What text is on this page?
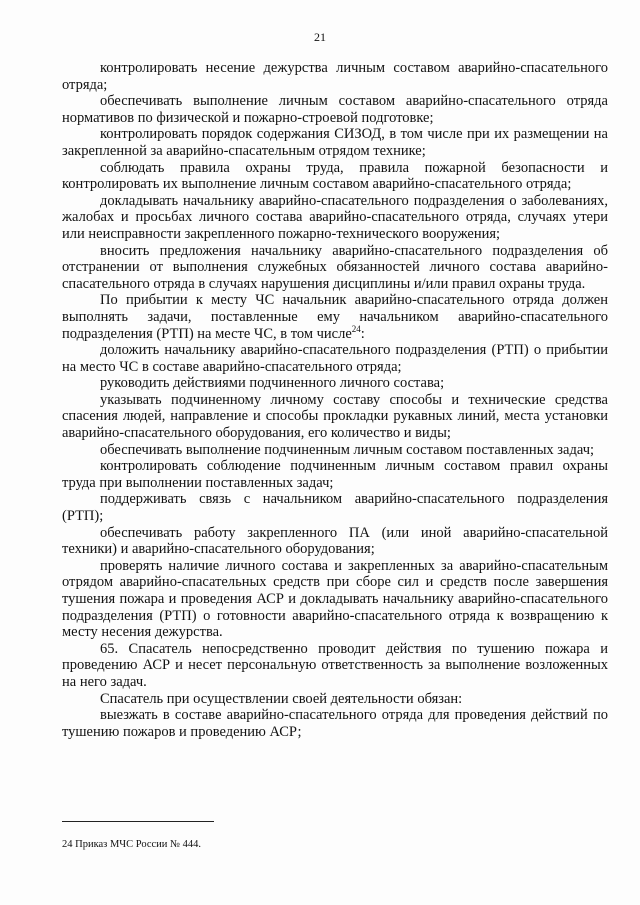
21

контролировать несение дежурства личным составом аварийно-спасательного отряда;

обеспечивать выполнение личным составом аварийно-спасательного отряда нормативов по физической и пожарно-строевой подготовке;

контролировать порядок содержания СИЗОД, в том числе при их размещении на закрепленной за аварийно-спасательным отрядом технике;

соблюдать правила охраны труда, правила пожарной безопасности и контролировать их выполнение личным составом аварийно-спасательного отряда;

докладывать начальнику аварийно-спасательного подразделения о заболеваниях, жалобах и просьбах личного состава аварийно-спасательного отряда, случаях утери или неисправности закрепленного пожарно-технического вооружения;

вносить предложения начальнику аварийно-спасательного подразделения об отстранении от выполнения служебных обязанностей личного состава аварийно-спасательного отряда в случаях нарушения дисциплины и/или правил охраны труда.

По прибытии к месту ЧС начальник аварийно-спасательного отряда должен выполнять задачи, поставленные ему начальником аварийно-спасательного подразделения (РТП) на месте ЧС, в том числе$^{24}$:

доложить начальнику аварийно-спасательного подразделения (РТП) о прибытии на место ЧС в составе аварийно-спасательного отряда;

руководить действиями подчиненного личного состава;

указывать подчиненному личному составу способы и технические средства спасения людей, направление и способы прокладки рукавных линий, места установки аварийно-спасательного оборудования, его количество и виды;

обеспечивать выполнение подчиненным личным составом поставленных задач;

контролировать соблюдение подчиненным личным составом правил охраны труда при выполнении поставленных задач;

поддерживать связь с начальником аварийно-спасательного подразделения (РТП);

обеспечивать работу закрепленного ПА (или иной аварийно-спасательной техники) и аварийно-спасательного оборудования;

проверять наличие личного состава и закрепленных за аварийно-спасательным отрядом аварийно-спасательных средств при сборе сил и средств после завершения тушения пожара и проведения АСР и докладывать начальнику аварийно-спасательного подразделения (РТП) о готовности аварийно-спасательного отряда к возвращению к месту несения дежурства.

65. Спасатель непосредственно проводит действия по тушению пожара и проведению АСР и несет персональную ответственность за выполнение возложенных на него задач.

Спасатель при осуществлении своей деятельности обязан:

выезжать в составе аварийно-спасательного отряда для проведения действий по тушению пожаров и проведению АСР;

24 Приказ МЧС России № 444.
